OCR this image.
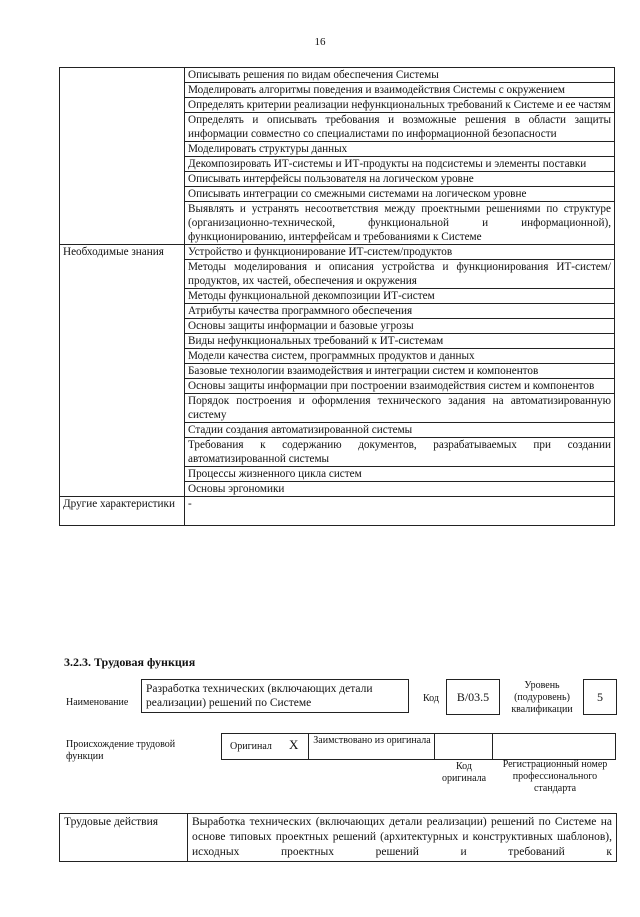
16
	Описывать решения по видам обеспечения Системы
	Моделировать алгоритмы поведения и взаимодействия Системы с окружением
	Определять критерии реализации нефункциональных требований к Системе и ее частям
	Определять и описывать требования и возможные решения в области защиты информации совместно со специалистами по информационной безопасности
	Моделировать структуры данных
	Декомпозировать ИТ-системы и ИТ-продукты на подсистемы и элементы поставки
	Описывать интерфейсы пользователя на логическом уровне
	Описывать интеграции со смежными системами на логическом уровне
	Выявлять и устранять несоответствия между проектными решениями по структуре (организационно-технической, функциональной и информационной), функционированию, интерфейсам и требованиями к Системе
Необходимые знания	Устройство и функционирование ИТ-систем/продуктов
	Методы моделирования и описания устройства и функционирования ИТ-систем/продуктов, их частей, обеспечения и окружения
	Методы функциональной декомпозиции ИТ-систем
	Атрибуты качества программного обеспечения
	Основы защиты информации и базовые угрозы
	Виды нефункциональных требований к ИТ-системам
	Модели качества систем, программных продуктов и данных
	Базовые технологии взаимодействия и интеграции систем и компонентов
	Основы защиты информации при построении взаимодействия систем и компонентов
	Порядок построения и оформления технического задания на автоматизированную систему
	Стадии создания автоматизированной системы
	Требования к содержанию документов, разрабатываемых при создании автоматизированной системы
	Процессы жизненного цикла систем
	Основы эргономики
Другие характеристики	-
3.2.3. Трудовая функция
Наименование
Разработка технических (включающих детали реализации) решений по Системе	Код	B/03.5
Уровень (подуровень) квалификации
5
Происхождение трудовой функции
Оригинал X Заимствовано из оригинала
Код оригинала
Регистрационный номер профессионального стандарта
Трудовые действия	Выработка технических (включающих детали реализации) решений по Системе на основе типовых проектных решений (архитектурных и конструктивных шаблонов), исходных проектных решений и требований к
